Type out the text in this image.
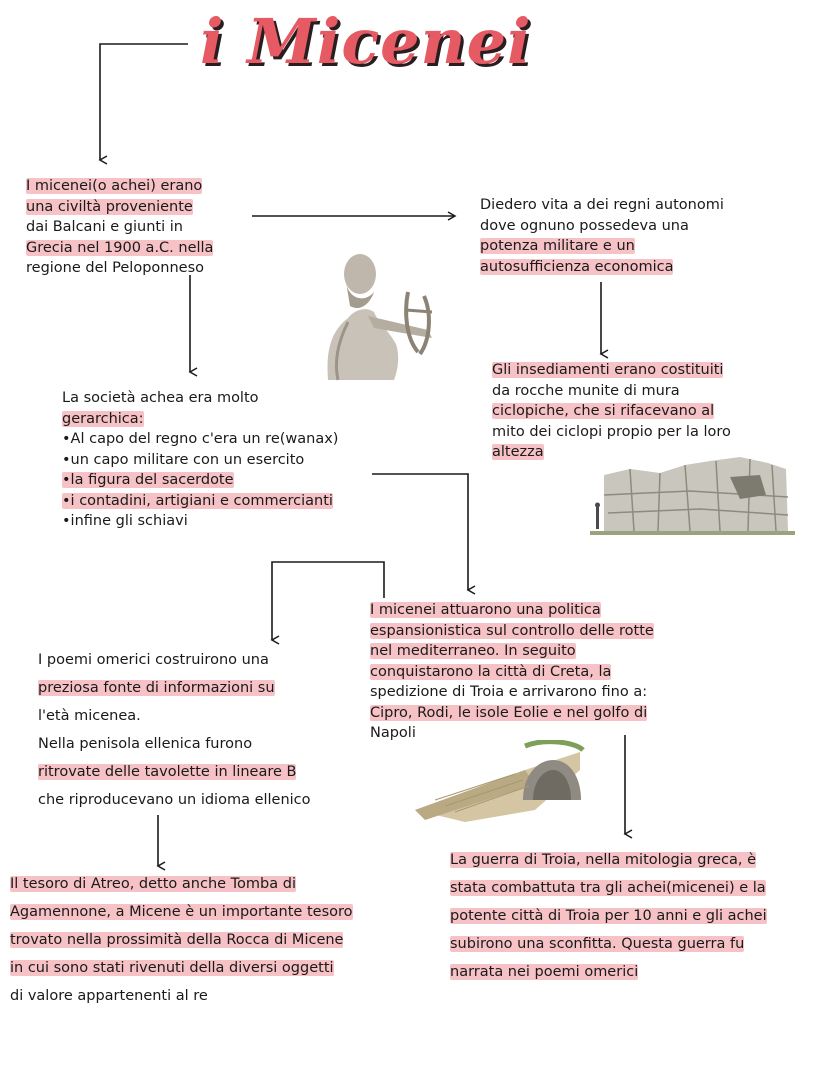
i Micenei
I micenei(o achei) erano
una civiltà proveniente
dai Balcani e giunti in
Grecia nel 1900 a.C. nella
regione del Peloponneso
Diedero vita a dei regni autonomi
dove ognuno possedeva una
potenza militare e un
autosufficienza economica
Gli insediamenti erano costituiti
da rocche munite di mura
ciclopiche, che si rifacevano al
mito dei ciclopi propio per la loro
altezza
La società achea era molto
gerarchica:
•Al capo del regno c'era un re(wanax)
•un capo militare con un esercito
•la figura del sacerdote
•i contadini, artigiani e commercianti
•infine gli schiavi
I micenei attuarono una politica
espansionistica sul controllo delle rotte
nel mediterraneo. In seguito
conquistarono la città di Creta, la
spedizione di Troia e arrivarono fino a:
Cipro, Rodi, le isole Eolie e nel golfo di
Napoli
I poemi omerici costruirono una
preziosa fonte di informazioni su
l'età micenea.
Nella penisola ellenica furono
ritrovate delle tavolette in lineare B
che riproducevano un idioma ellenico
Il tesoro di Atreo, detto anche Tomba di
Agamennone, a Micene è un importante tesoro
trovato nella prossimità della Rocca di Micene
in cui sono stati rivenuti della diversi oggetti
di valore appartenenti al re
La guerra di Troia, nella mitologia greca, è
stata combattuta tra gli achei(micenei) e la
potente città di Troia per 10 anni e gli achei
subirono una sconfitta. Questa guerra fu
narrata nei poemi omerici
